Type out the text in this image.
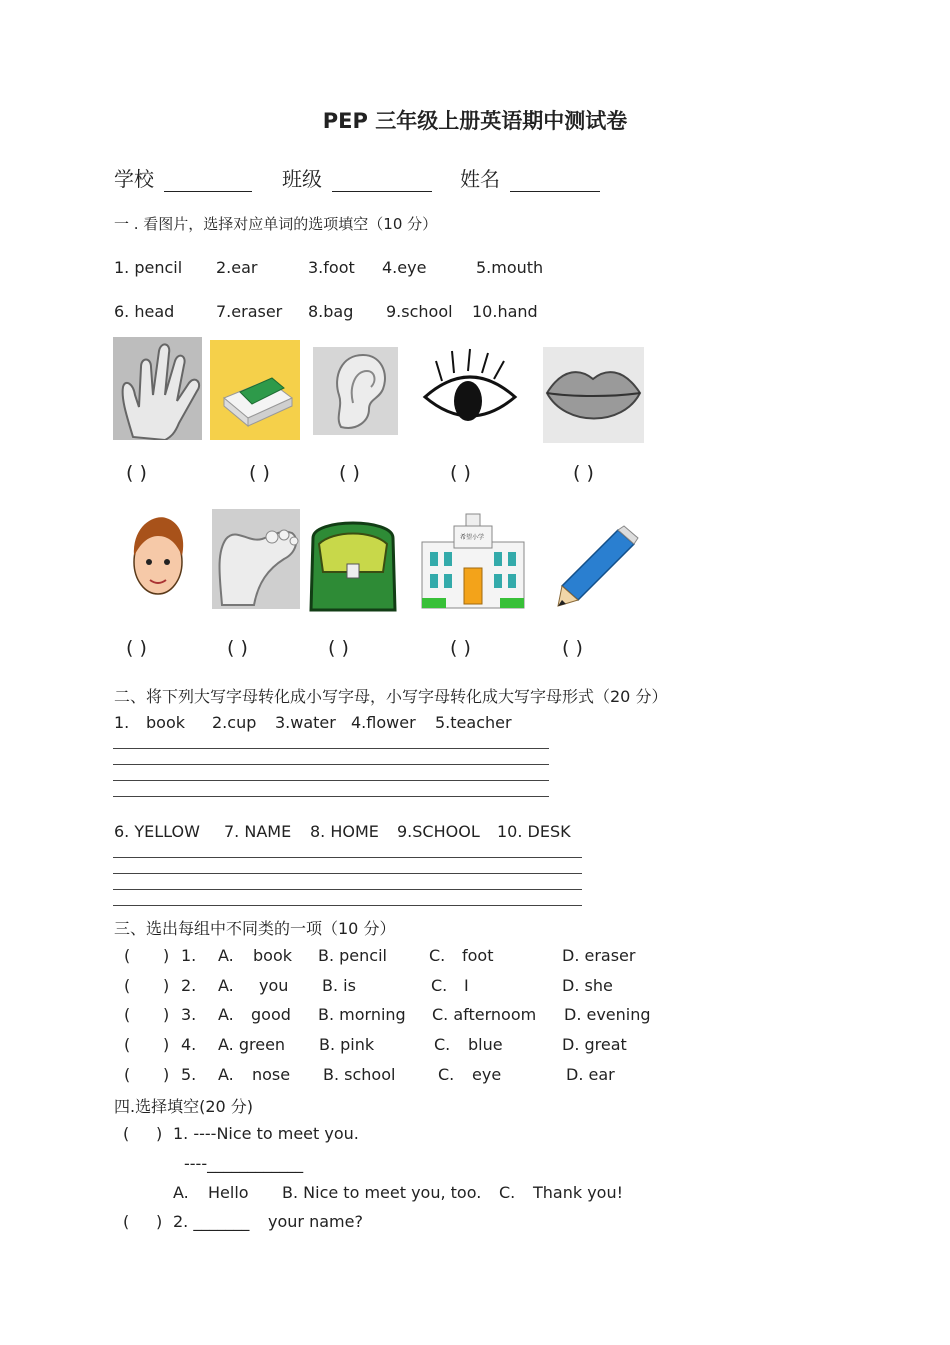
PEP 三年级上册英语期中测试卷
学校	班级	姓名
一 . 看图片，选择对应单词的选项填空（10 分）
1. pencil 2.ear	3.foot 4.eye	5.mouth
6. head	7.eraser 8.bag 9.school 10.hand
( )	( )	( )	( )	( )
希望小学
( )	( )	( )	( )	( )
二、将下列大写字母转化成小写字母，小写字母转化成大写字母形式（20 分）
1. book 2.cup 3.water 4.flower 5.teacher
6. YELLOW 7. NAME 8. HOME 9.SCHOOL 10. DESK
三、选出每组中不同类的一项（10 分）
( ) 1. A. book B. pencil	C. foot	D. eraser
( ) 2. A. you B. is	C. I	D. she
( ) 3. A. good B. morning C. afternoom D. evening
( ) 4. A. green B. pink	C. blue	D. great
( ) 5. A. nose B. school	C. eye	D. ear
四.选择填空(20 分)
( ) 1. ----Nice to meet you.
----____________
A. Hello B. Nice to meet you, too. C. Thank you!
( ) 2. _______ your name?
